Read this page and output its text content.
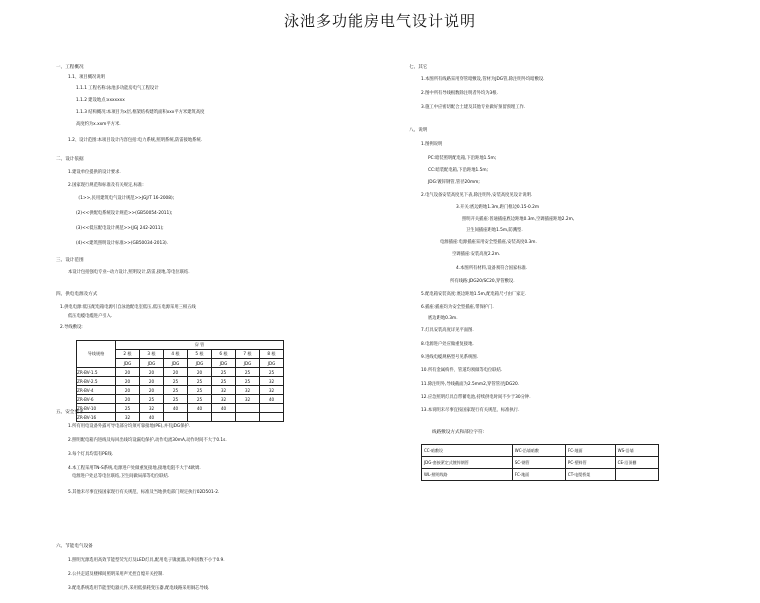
泳池多功能房电气设计说明
一、工程概况
1.1、项目概况说明
1.1.1 工程名称:泳池多功能房电气工程设计
1.1.2 建设地点:xxxxxxx
1.1.3 结构概况:本项目为x层,框架结构建筑面积xxx平方米建筑高度
高度约为x.xxm平方米.
1.2、设计范围:本项目设计内容包括:电力系统,照明系统,防雷接地系统.
二、设计依据
1.建设单位提供的设计要求.
2.国家现行规范和标准及有关规定,标准:
《1>>,民用建筑电气设计规范>>JGJ/T 16-2008);
(2)<<供配电系统设计规范>>(GB50054-2011);
(3)<<低压配电设计规范>>(JGJ 242-2011);
(4)<<建筑照明设计标准>>(GB50034-2013).
三、设计范围
本设计包括强电专业--动力设计,照明设计,防雷,接地,等电位联结.
四、供电电源及方式
1.供电电源:低压配电箱电源引自泳池配电室低压,低压电源采用三相五线
低压电缆电缆进户引入.
2.导线敷设:
导线规格	穿 管						
	2 根	3 根	4 根	5 根	6 根	7 根	8 根
	JDG	JDG	JDG	JDG	JDG	JDG	JDG
ZR-BV-1.5	20	20	20	20	25	25	25
ZR-BV-2.5	20	20	25	25	25	25	32
ZR-BV-4	20	20	25	25	32	32	32
ZR-BV-6	20	25	25	25	32	32	40
ZR-BV-10	25	32	40	40	40		
ZR-BV-16	32	40					
五、安全要求
1.所有用电设备外露可导电部分均须可靠接地(PE),并有JDG保护.
2.照明配电箱内进线及每回出线均设漏电保护,动作电流30mA,动作时间不大于0.1s.
3.每个灯具均需有PE线.
4.本工程采用TN-S系统,电源进户处做重复接地,接地电阻不大于4欧姆.
电源进户处总等电位联结,卫生间做局部等电位联结.
5.其他未尽事宜按国家现行有关规范、标准及当地供电部门规定执行02D501-2.
六、节能电气设备
1.照明光源选用高效节能型荧光灯及LED灯具,配用电子镇流器,功率因数不小于0.9.
2.公共走道及楼梯间照明采用声光控自熄开关控制.
3.配电系统选用节能型电器元件,采用低损耗变压器,配电线路采用铜芯导线.
七、其它
1.本图所有线路采用穿管暗敷设,管材为JDG管,除注明外均暗敷设.
2.图中所有导线根数除注明者外均为3根.
3.施工中应密切配合土建及其他专业做好预留预埋工作.
八、说明
1.图例说明
PC:暗装照明配电箱,下沿距地1.5m;
CC:暗装配电箱,下沿距地1.5m;
JDG:镀锌钢管,管径20mm;
2.电气设备安装高度见下表,除注明外,安装高度见设计说明.
3.开关:底边距地1.3m,距门框边0.15-0.2m
照明开关插座:普通插座底边距地0.3m,空调插座距地2.2m,
卫生间插座距地1.5m,防溅型.
电源插座:电源插座采用安全型插座,安装高度0.3m.
空调插座:安装高度2.2m.
4.本图所有材料,设备须符合国家标准.
所有线路:JDG20/SC20,穿管敷设.
5.配电箱安装高度:底边距地1.5m,配电箱尺寸由厂家定.
6.插座:插座均为安全型插座,带保护门.
底边距地0.3m.
7.灯具安装高度详见平面图.
8.电源进户处应做重复接地.
9.进线电缆规格型号见系统图.
10.所有金属构件、管道均须做等电位联结.
11.除注明外,导线截面为2.5mm2,穿管管径JDG20.
12.应急照明灯具自带蓄电池,持续供电时间不少于30分钟.
13.本说明未尽事宜按国家现行有关规范、标准执行.
线路敷设方式和部位字符:
CC-暗敷设	WC-沿墙暗敷	FC-地面	WS-沿墙
JDG-套接紧定式镀锌钢管	SC-钢管	PC-塑料管	CE-沿顶棚
WL-照明线路	FC-地面	CT-电缆桥架	
